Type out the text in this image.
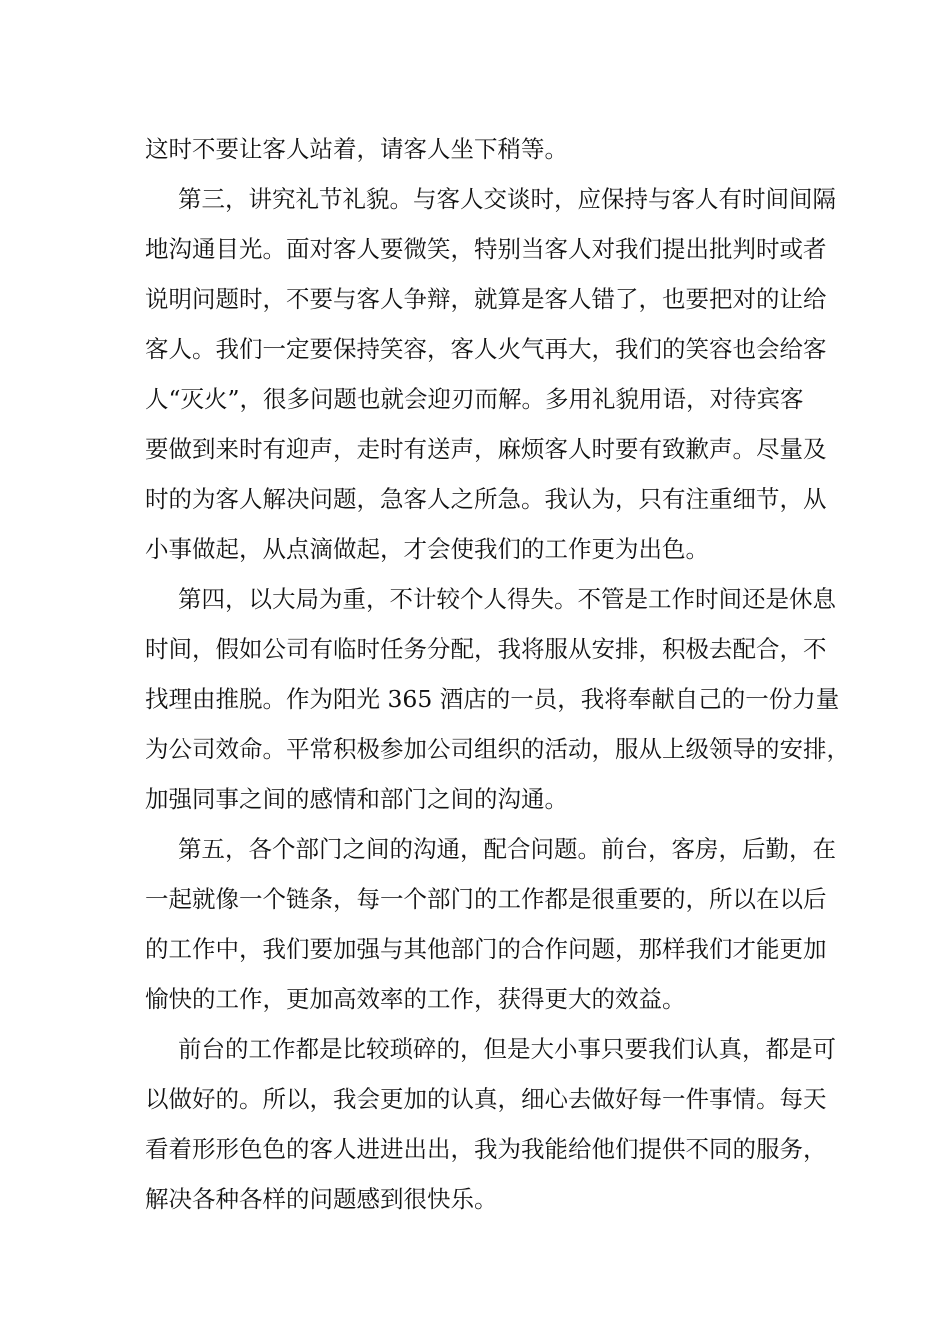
这时不要让客人站着，请客人坐下稍等。
第三，讲究礼节礼貌。与客人交谈时，应保持与客人有时间间隔
地沟通目光。面对客人要微笑，特别当客人对我们提出批判时或者
说明问题时，不要与客人争辩，就算是客人错了，也要把对的让给
客人。我们一定要保持笑容，客人火气再大，我们的笑容也会给客
人“灭火”，很多问题也就会迎刃而解。多用礼貌用语，对待宾客
要做到来时有迎声，走时有送声，麻烦客人时要有致歉声。尽量及
时的为客人解决问题，急客人之所急。我认为，只有注重细节，从
小事做起，从点滴做起，才会使我们的工作更为出色。
第四，以大局为重，不计较个人得失。不管是工作时间还是休息
时间，假如公司有临时任务分配，我将服从安排，积极去配合，不
找理由推脱。作为阳光 365 酒店的一员，我将奉献自己的一份力量
为公司效命。平常积极参加公司组织的活动，服从上级领导的安排，
加强同事之间的感情和部门之间的沟通。
第五，各个部门之间的沟通，配合问题。前台，客房，后勤，在
一起就像一个链条，每一个部门的工作都是很重要的，所以在以后
的工作中，我们要加强与其他部门的合作问题，那样我们才能更加
愉快的工作，更加高效率的工作，获得更大的效益。
前台的工作都是比较琐碎的，但是大小事只要我们认真，都是可
以做好的。所以，我会更加的认真，细心去做好每一件事情。每天
看着形形色色的客人进进出出，我为我能给他们提供不同的服务，
解决各种各样的问题感到很快乐。
